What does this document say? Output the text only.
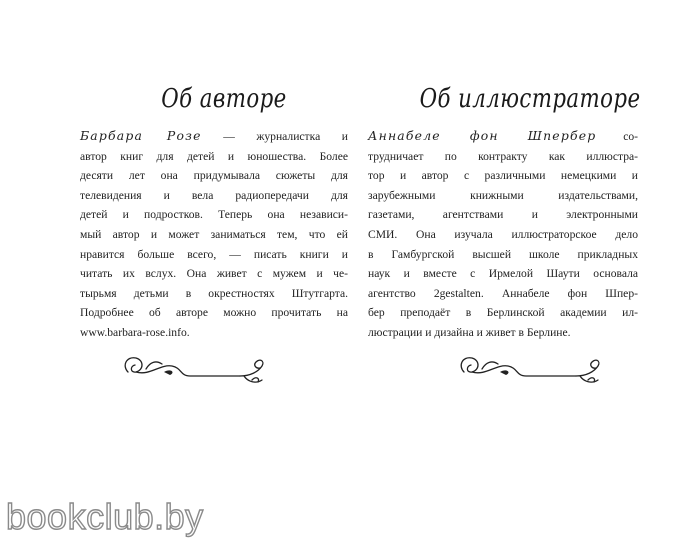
Об авторе
Барбара Розе — журналистка и
автор книг для детей и юношества. Более
десяти лет она придумывала сюжеты для
телевидения и вела радиопередачи для
детей и подростков. Теперь она независи-
мый автор и может заниматься тем, что ей
нравится больше всего, — писать книги и
читать их вслух. Она живет с мужем и че-
тырьмя детьми в окрестностях Штутгарта.
Подробнее об авторе можно прочитать на
www.barbara-rose.info.
Об иллюстраторе
Аннабеле фон Шпербер со-
трудничает по контракту как иллюстра-
тор и автор с различными немецкими и
зарубежными книжными издательствами,
газетами, агентствами и электронными
СМИ. Она изучала иллюстраторское дело
в Гамбургской высшей школе прикладных
наук и вместе с Ирмелой Шаути основала
агентство 2gestalten. Аннабеле фон Шпер-
бер преподаёт в Берлинской академии ил-
люстрации и дизайна и живет в Берлине.
bookclub.by
